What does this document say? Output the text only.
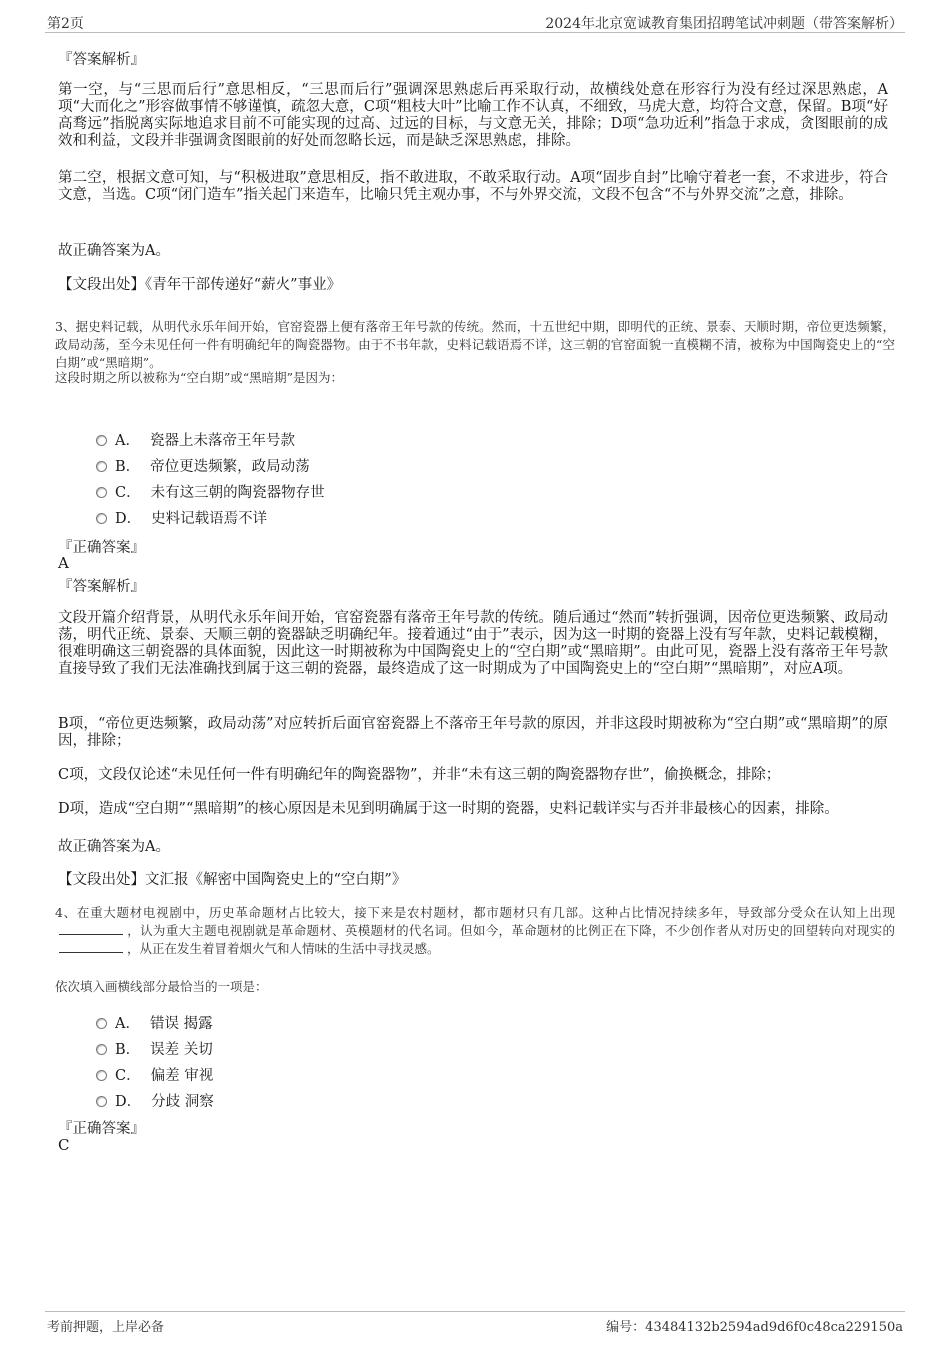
第2页	2024年北京宽诚教育集团招聘笔试冲刺题（带答案解析）
『答案解析』
第一空，与“三思而后行”意思相反，“三思而后行”强调深思熟虑后再采取行动，故横线处意在形容行为没有经过深思熟虑，A项“大而化之”形容做事情不够谨慎，疏忽大意，C项“粗枝大叶”比喻工作不认真，不细致，马虎大意，均符合文意，保留。B项“好高骛远”指脱离实际地追求目前不可能实现的过高、过远的目标，与文意无关，排除；D项“急功近利”指急于求成，贪图眼前的成效和利益，文段并非强调贪图眼前的好处而忽略长远，而是缺乏深思熟虑，排除。
第二空，根据文意可知，与“积极进取”意思相反，指不敢进取，不敢采取行动。A项“固步自封”比喻守着老一套，不求进步，符合文意，当选。C项“闭门造车”指关起门来造车，比喻只凭主观办事，不与外界交流，文段不包含“不与外界交流”之意，排除。
故正确答案为A。
【文段出处】《青年干部传递好“薪火”事业》
3、据史料记载，从明代永乐年间开始，官窑瓷器上便有落帝王年号款的传统。然而，十五世纪中期，即明代的正统、景泰、天顺时期，帝位更迭频繁，政局动荡，至今未见任何一件有明确纪年的陶瓷器物。由于不书年款，史料记载语焉不详，这三朝的官窑面貌一直模糊不清，被称为中国陶瓷史上的“空白期”或“黑暗期”。
这段时期之所以被称为“空白期”或“黑暗期”是因为：
A． 瓷器上未落帝王年号款
B． 帝位更迭频繁，政局动荡
C． 未有这三朝的陶瓷器物存世
D． 史料记载语焉不详
『正确答案』
A
『答案解析』
文段开篇介绍背景，从明代永乐年间开始，官窑瓷器有落帝王年号款的传统。随后通过“然而”转折强调，因帝位更迭频繁、政局动荡，明代正统、景泰、天顺三朝的瓷器缺乏明确纪年。接着通过“由于”表示，因为这一时期的瓷器上没有写年款，史料记载模糊，很难明确这三朝瓷器的具体面貌，因此这一时期被称为中国陶瓷史上的“空白期”或“黑暗期”。由此可见，瓷器上没有落帝王年号款直接导致了我们无法准确找到属于这三朝的瓷器，最终造成了这一时期成为了中国陶瓷史上的“空白期”“黑暗期”，对应A项。
B项，“帝位更迭频繁，政局动荡”对应转折后面官窑瓷器上不落帝王年号款的原因，并非这段时期被称为“空白期”或“黑暗期”的原因，排除；
C项，文段仅论述“未见任何一件有明确纪年的陶瓷器物”，并非“未有这三朝的陶瓷器物存世”，偷换概念，排除；
D项，造成“空白期”“黑暗期”的核心原因是未见到明确属于这一时期的瓷器，史料记载详实与否并非最核心的因素，排除。
故正确答案为A。
【文段出处】文汇报《解密中国陶瓷史上的“空白期”》
4、在重大题材电视剧中，历史革命题材占比较大，接下来是农村题材，都市题材只有几部。这种占比情况持续多年，导致部分受众在认知上出现，认为重大主题电视剧就是革命题材、英模题材的代名词。但如今，革命题材的比例正在下降，不少创作者从对历史的回望转向对现实的，从正在发生着冒着烟火气和人情味的生活中寻找灵感。
依次填入画横线部分最恰当的一项是：
A． 错误 揭露
B． 误差 关切
C． 偏差 审视
D． 分歧 洞察
『正确答案』
C
考前押题，上岸必备	编号：43484132b2594ad9d6f0c48ca229150a
